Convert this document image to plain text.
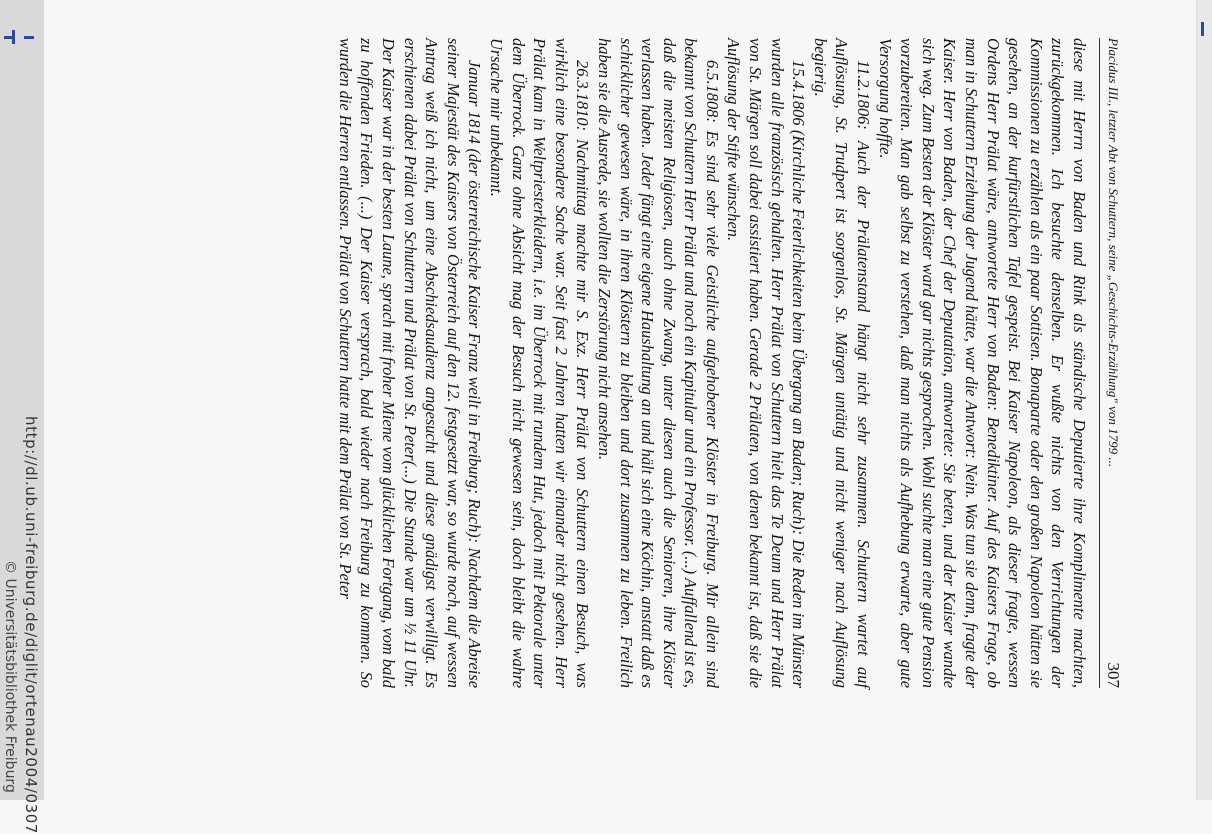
Placidus III., letzter Abt von Schuttern, seine „Geschichts-Erzählung" von 1799 ...
307

diese mit Herrn von Baden und Rink als ständische Deputierte ihre Komplimente machten, zurückgekommen. Ich besuchte denselben. Er wußte nichts von den Verrichtungen der Kommissionen zu erzählen als ein paar Sottisen. Bonaparte oder den großen Napoleon hätten sie gesehen, an der kurfürstlichen Tafel gespeist. Bei Kaiser Napoleon, als dieser fragte, wessen Ordens Herr Prälat wäre, antwortete Herr von Baden: Benediktiner. Auf des Kaisers Frage, ob man in Schuttern Erziehung der Jugend hätte, war die Antwort: Nein. Was tun sie denn, fragte der Kaiser. Herr von Baden, der Chef der Deputation, antwortete: Sie beten, und der Kaiser wandte sich weg. Zum Besten der Klöster ward gar nichts gesprochen. Wohl suchte man eine gute Pension vorzubereiten. Man gab selbst zu verstehen, daß man nichts als Aufhebung erwarte, aber gute Versorgung hoffte.

11.2.1806: Auch der Prälatenstand hängt nicht sehr zusammen. Schuttern wartet auf Auflösung, St. Trudpert ist sorgenlos, St. Märgen untätig und nicht weniger nach Auflösung begierig.

15.4.1806 (Kirchliche Feierlichkeiten beim Übergang an Baden; Ruch): Die Reden im Münster wurden alle französisch gehalten. Herr Prälat von Schuttern hielt das Te Deum und Herr Prälat von St. Märgen soll dabei assistiert haben. Gerade 2 Prälaten, von denen bekannt ist, daß sie die Auflösung der Stifte wünschen.

6.5.1808: Es sind sehr viele Geistliche aufgehobener Klöster in Freiburg. Mir allein sind bekannt von Schuttern Herr Prälat und noch ein Kapitular und ein Professor. (...) Auffallend ist es, daß die meisten Religiosen, auch ohne Zwang, unter diesen auch die Senioren, ihre Klöster verlassen haben. Jeder fängt eine eigene Haushaltung an und hält sich eine Köchin, anstatt daß es schicklicher gewesen wäre, in ihren Klöstern zu bleiben und dort zusammen zu leben. Freilich haben sie die Ausrede, sie wollten die Zerstörung nicht ansehen.

26.3.1810: Nachmittag machte mir S. Exz. Herr Prälat von Schuttern einen Besuch, was wirklich eine besondere Sache war. Seit fast 2 Jahren hatten wir einander nicht gesehen. Herr Prälat kam in Weltpriesterkleidern, i.e. im Überrock mit rundem Hut, jedoch mit Pektorale unter dem Überrock. Ganz ohne Absicht mag der Besuch nicht gewesen sein, doch bleibt die wahre Ursache mir unbekannt.

Januar 1814 (der österreichische Kaiser Franz weilt in Freiburg; Ruch): Nachdem die Abreise seiner Majestät des Kaisers von Österreich auf den 12. festgesetzt war, so wurde noch, auf wessen Antrag weiß ich nicht, um eine Abschiedsaudienz angesucht und diese gnädigst verwilligt. Es erschienen dabei Prälat von Schuttern und Prälat von St. Peter(...) Die Stunde war um ½ 11 Uhr. Der Kaiser war in der besten Laune, sprach mit froher Miene vom glücklichen Fortgang, vom bald zu hoffenden Frieden. (...) Der Kaiser versprach, bald wieder nach Freiburg zu kommen. So wurden die Herren entlassen. Prälat von Schuttern hatte mit dem Prälat von St. Peter

http://dl.ub.uni-freiburg.de/diglit/ortenau2004/0307
© Universitätsbibliothek Freiburg
